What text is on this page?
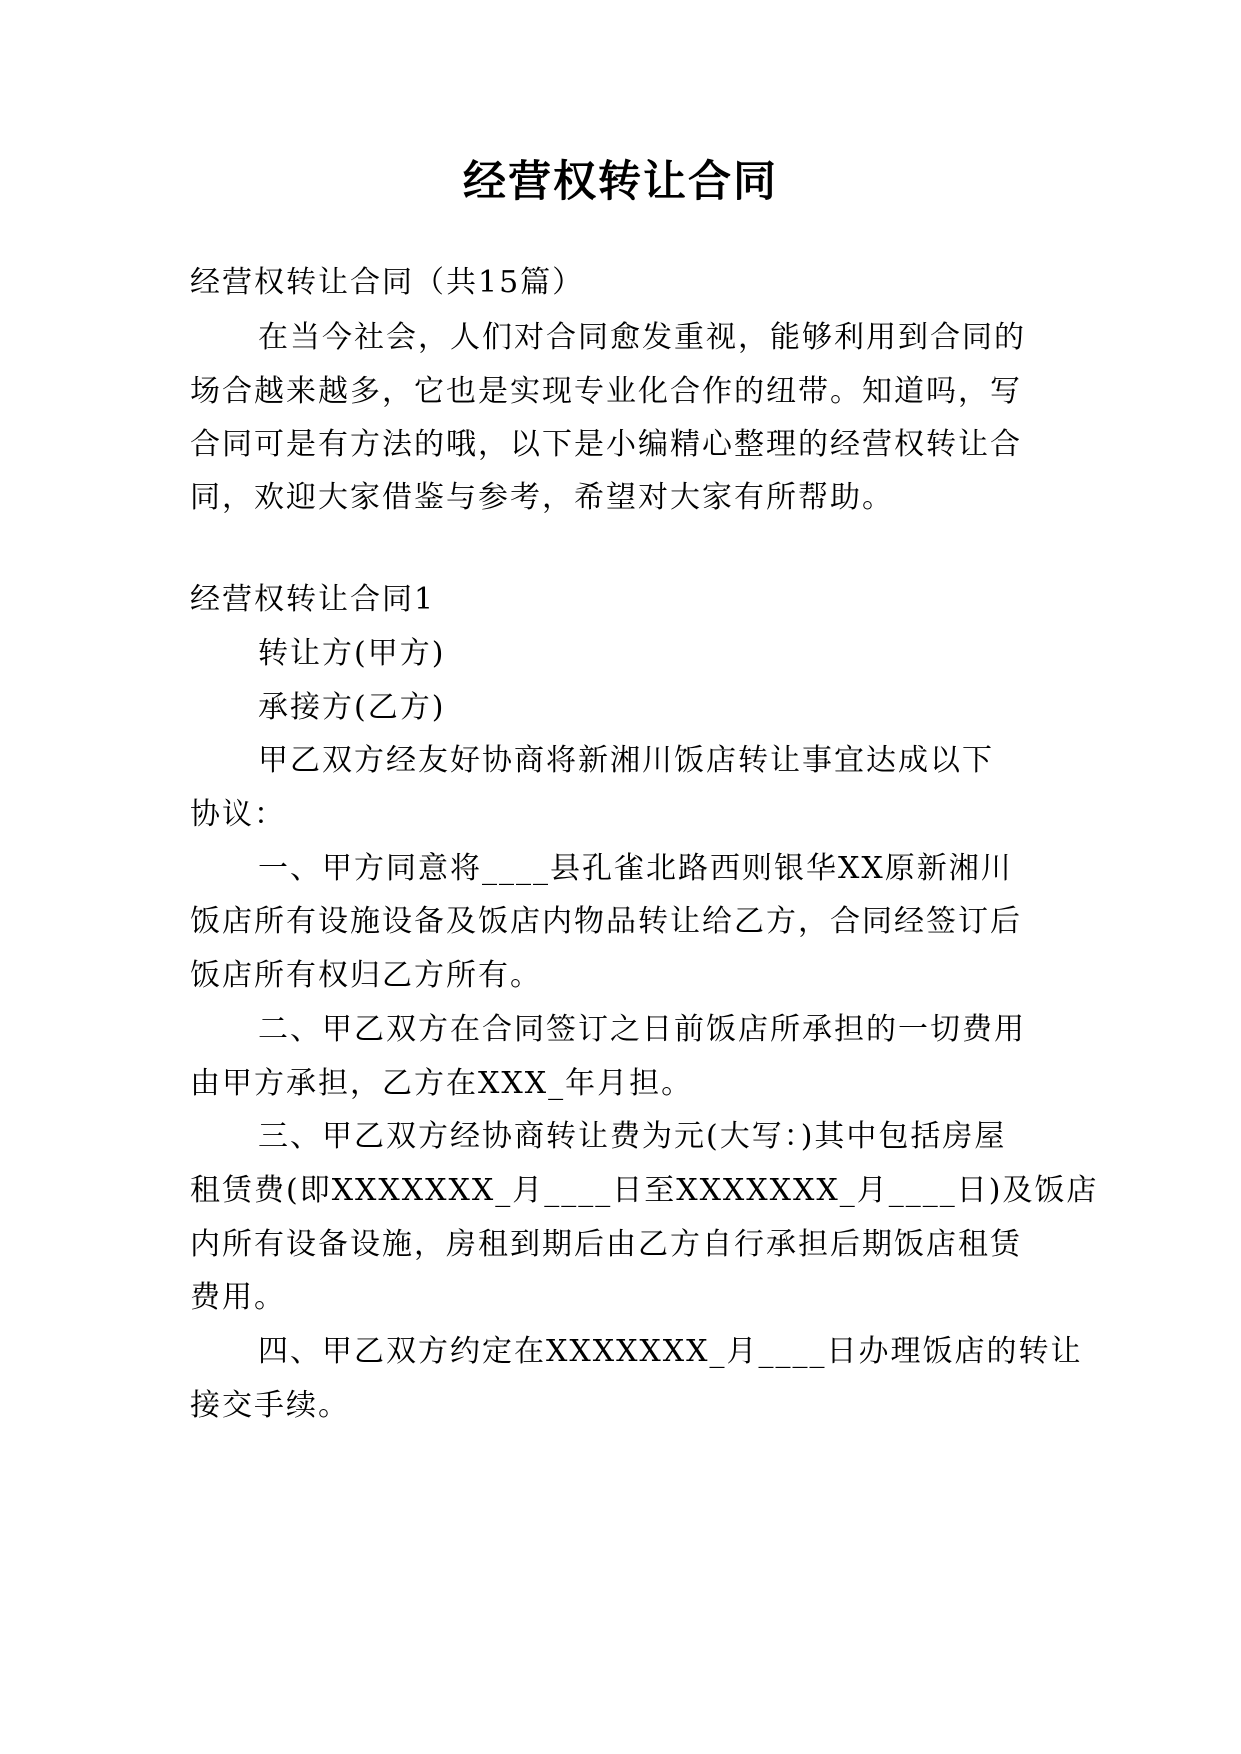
经营权转让合同

经营权转让合同（共15篇）

在当今社会，人们对合同愈发重视，能够利用到合同的

场合越来越多，它也是实现专业化合作的纽带。知道吗，写

合同可是有方法的哦，以下是小编精心整理的经营权转让合

同，欢迎大家借鉴与参考，希望对大家有所帮助。

经营权转让合同1

转让方(甲方)

承接方(乙方)

甲乙双方经友好协商将新湘川饭店转让事宜达成以下

协议：

一、甲方同意将____县孔雀北路西则银华XX原新湘川

饭店所有设施设备及饭店内物品转让给乙方，合同经签订后

饭店所有权归乙方所有。

二、甲乙双方在合同签订之日前饭店所承担的一切费用

由甲方承担，乙方在XXX_年月担。

三、甲乙双方经协商转让费为元(大写：)其中包括房屋

租赁费(即XXXXXXX_月____日至XXXXXXX_月____日)及饭店

内所有设备设施，房租到期后由乙方自行承担后期饭店租赁

费用。

四、甲乙双方约定在XXXXXXX_月____日办理饭店的转让

接交手续。
